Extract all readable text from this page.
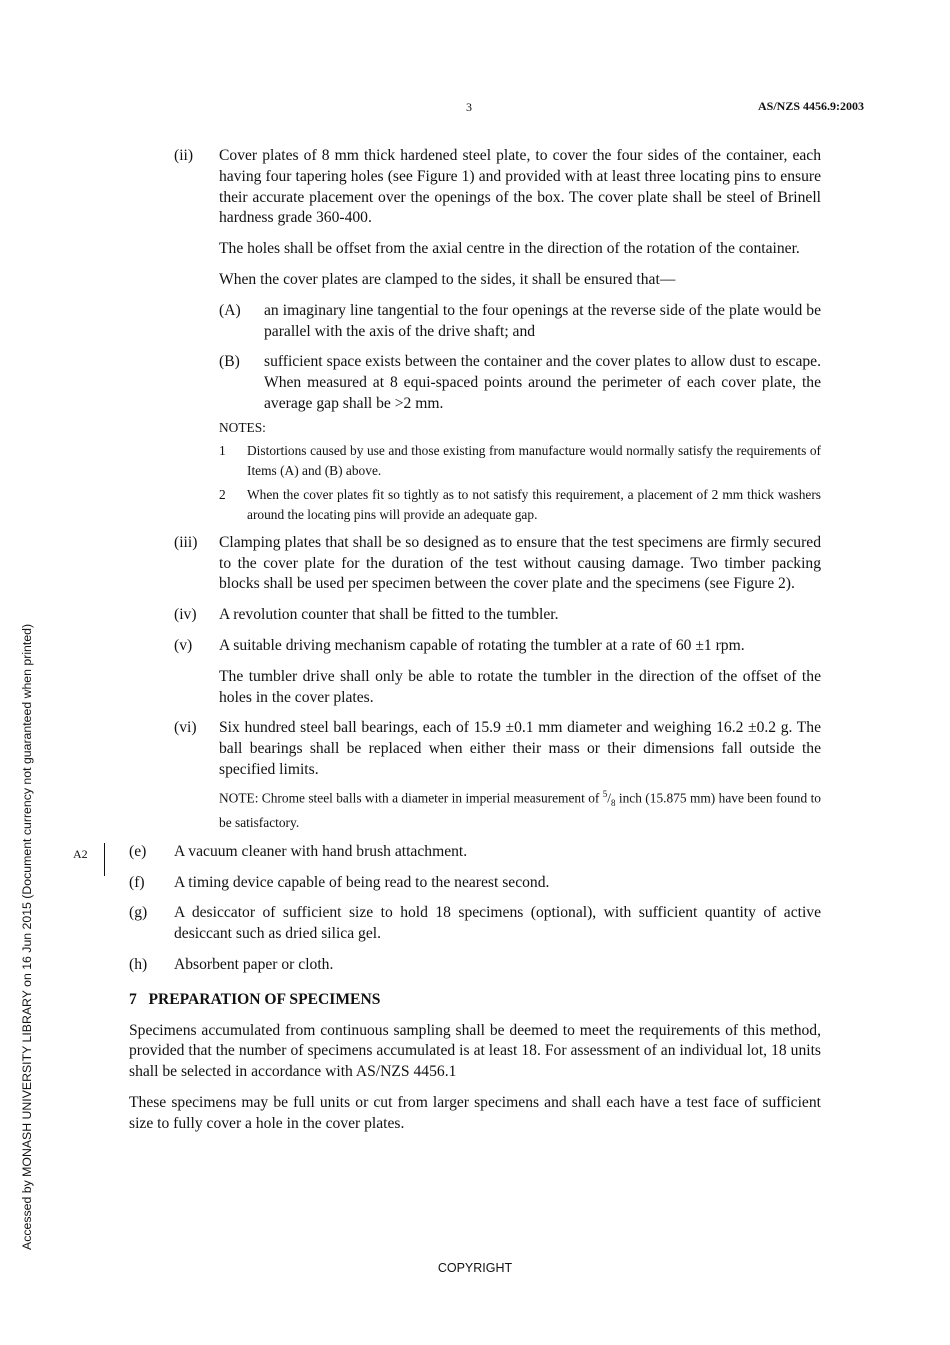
3	AS/NZS 4456.9:2003
Accessed by MONASH UNIVERSITY LIBRARY on 16 Jun 2015 (Document currency not guaranteed when printed)	A2
(ii)	Cover plates of 8 mm thick hardened steel plate, to cover the four sides of the container, each having four tapering holes (see Figure 1) and provided with at least three locating pins to ensure their accurate placement over the openings of the box. The cover plate shall be steel of Brinell hardness grade 360-400.
The holes shall be offset from the axial centre in the direction of the rotation of the container.
When the cover plates are clamped to the sides, it shall be ensured that—
(A)	an imaginary line tangential to the four openings at the reverse side of the plate would be parallel with the axis of the drive shaft; and
(B)	sufficient space exists between the container and the cover plates to allow dust to escape. When measured at 8 equi-spaced points around the perimeter of each cover plate, the average gap shall be >2 mm.
NOTES:
1	Distortions caused by use and those existing from manufacture would normally satisfy the requirements of Items (A) and (B) above.
2	When the cover plates fit so tightly as to not satisfy this requirement, a placement of 2 mm thick washers around the locating pins will provide an adequate gap.
(iii)	Clamping plates that shall be so designed as to ensure that the test specimens are firmly secured to the cover plate for the duration of the test without causing damage. Two timber packing blocks shall be used per specimen between the cover plate and the specimens (see Figure 2).
(iv)	A revolution counter that shall be fitted to the tumbler.
(v)	A suitable driving mechanism capable of rotating the tumbler at a rate of 60 ±1 rpm.
The tumbler drive shall only be able to rotate the tumbler in the direction of the offset of the holes in the cover plates.
(vi)	Six hundred steel ball bearings, each of 15.9 ±0.1 mm diameter and weighing 16.2 ±0.2 g. The ball bearings shall be replaced when either their mass or their dimensions fall outside the specified limits.
NOTE: Chrome steel balls with a diameter in imperial measurement of $^5/_8$ inch (15.875 mm) have been found to be satisfactory.
(e)	A vacuum cleaner with hand brush attachment.
(f)	A timing device capable of being read to the nearest second.
(g)	A desiccator of sufficient size to hold 18 specimens (optional), with sufficient quantity of active desiccant such as dried silica gel.
(h)	Absorbent paper or cloth.
7   PREPARATION OF SPECIMENS
Specimens accumulated from continuous sampling shall be deemed to meet the requirements of this method, provided that the number of specimens accumulated is at least 18. For assessment of an individual lot, 18 units shall be selected in accordance with AS/NZS 4456.1
These specimens may be full units or cut from larger specimens and shall each have a test face of sufficient size to fully cover a hole in the cover plates.
COPYRIGHT
